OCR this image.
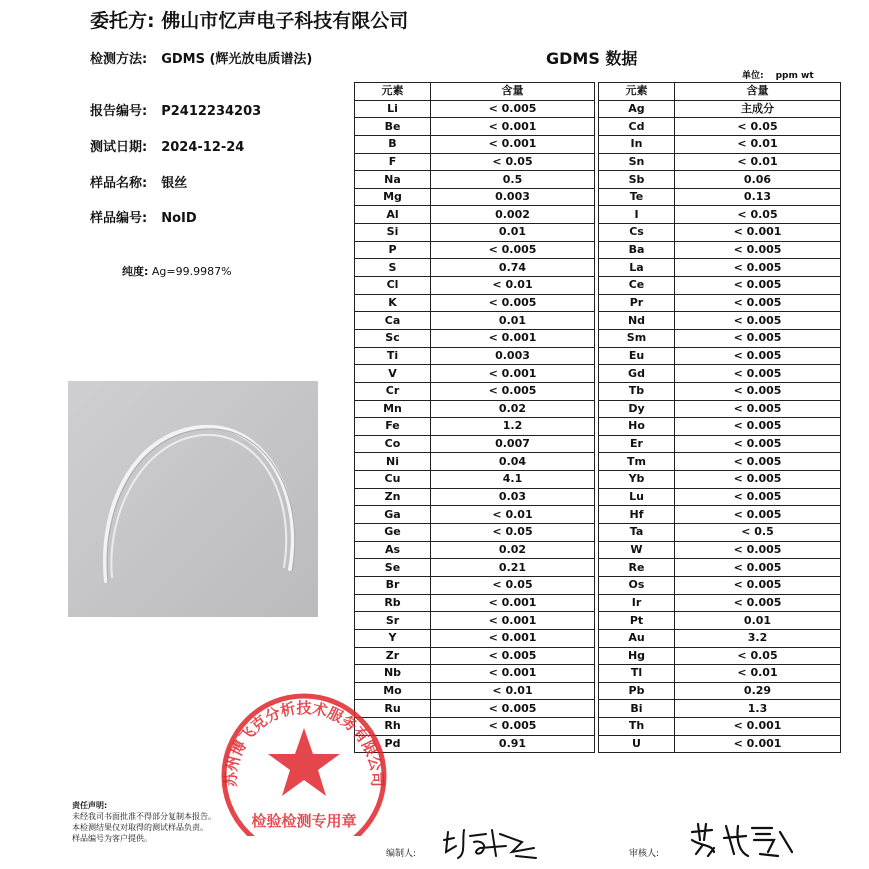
委托方: 佛山市忆声电子科技有限公司
检测方法: GDMS (辉光放电质谱法)	GDMS 数据
单位: ppm wt
报告编号: P2412234203
测试日期: 2024-12-24
样品名称: 银丝
样品编号: NoID
纯度: Ag=99.9987%
元素	含量
Li	< 0.005
Be	< 0.001
B	< 0.001
F	< 0.05
Na	0.5
Mg	0.003
Al	0.002
Si	0.01
P	< 0.005
S	0.74
Cl	< 0.01
K	< 0.005
Ca	0.01
Sc	< 0.001
Ti	0.003
V	< 0.001
Cr	< 0.005
Mn	0.02
Fe	1.2
Co	0.007
Ni	0.04
Cu	4.1
Zn	0.03
Ga	< 0.01
Ge	< 0.05
As	0.02
Se	0.21
Br	< 0.05
Rb	< 0.001
Sr	< 0.001
Y	< 0.001
Zr	< 0.005
Nb	< 0.001
Mo	< 0.01
Ru	< 0.005
Rh	< 0.005
Pd	0.91
元素	含量
Ag	主成分
Cd	< 0.05
In	< 0.01
Sn	< 0.01
Sb	0.06
Te	0.13
I	< 0.05
Cs	< 0.001
Ba	< 0.005
La	< 0.005
Ce	< 0.005
Pr	< 0.005
Nd	< 0.005
Sm	< 0.005
Eu	< 0.005
Gd	< 0.005
Tb	< 0.005
Dy	< 0.005
Ho	< 0.005
Er	< 0.005
Tm	< 0.005
Yb	< 0.005
Lu	< 0.005
Hf	< 0.005
Ta	< 0.5
W	< 0.005
Re	< 0.005
Os	< 0.005
Ir	< 0.005
Pt	0.01
Au	3.2
Hg	< 0.05
Tl	< 0.01
Pb	0.29
Bi	1.3
Th	< 0.001
U	< 0.001
苏州博飞克分析技术服务有限公司
检验检测专用章
责任声明:
未经我司书面批准不得部分复制本报告。
本检测结果仅对取得的测试样品负责。
样品编号为客户提供。
编制人:	审核人:
